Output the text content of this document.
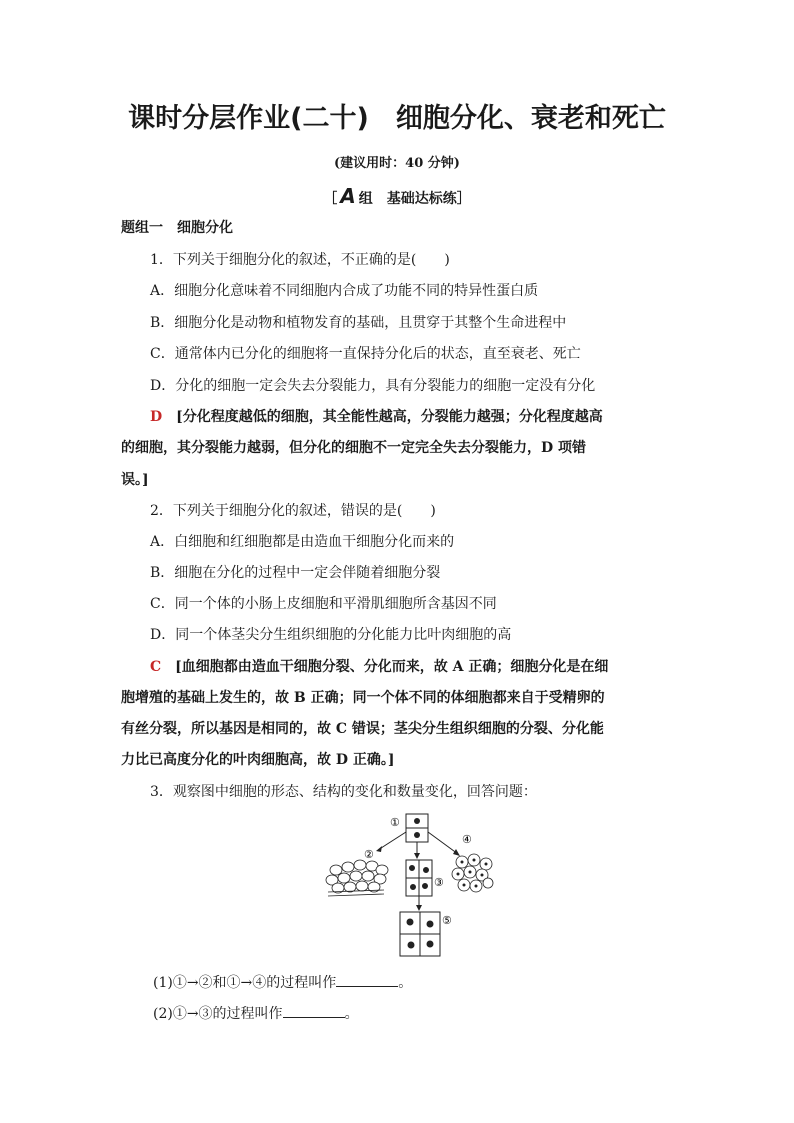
课时分层作业(二十)　细胞分化、衰老和死亡
(建议用时：40 分钟)
［ A 组　基础达标练］
题组一　细胞分化
1．下列关于细胞分化的叙述，不正确的是(　　)
A．细胞分化意味着不同细胞内合成了功能不同的特异性蛋白质
B．细胞分化是动物和植物发育的基础，且贯穿于其整个生命进程中
C．通常体内已分化的细胞将一直保持分化后的状态，直至衰老、死亡
D．分化的细胞一定会失去分裂能力，具有分裂能力的细胞一定没有分化
D　 [分化程度越低的细胞，其全能性越高，分裂能力越强；分化程度越高
的细胞，其分裂能力越弱，但分化的细胞不一定完全失去分裂能力，D 项错
误。]
2．下列关于细胞分化的叙述，错误的是(　　)
A．白细胞和红细胞都是由造血干细胞分化而来的
B．细胞在分化的过程中一定会伴随着细胞分裂
C．同一个体的小肠上皮细胞和平滑肌细胞所含基因不同
D．同一个体茎尖分生组织细胞的分化能力比叶肉细胞的高
C　 [血细胞都由造血干细胞分裂、分化而来，故 A 正确；细胞分化是在细
胞增殖的基础上发生的，故 B 正确；同一个体不同的体细胞都来自于受精卵的
有丝分裂，所以基因是相同的，故 C 错误；茎尖分生组织细胞的分裂、分化能
力比已高度分化的叶肉细胞高，故 D 正确。]
3．观察图中细胞的形态、结构的变化和数量变化，回答问题：
①
②
③
④
⑤
(1)①→②和①→④的过程叫作	。
(2)①→③的过程叫作	。
